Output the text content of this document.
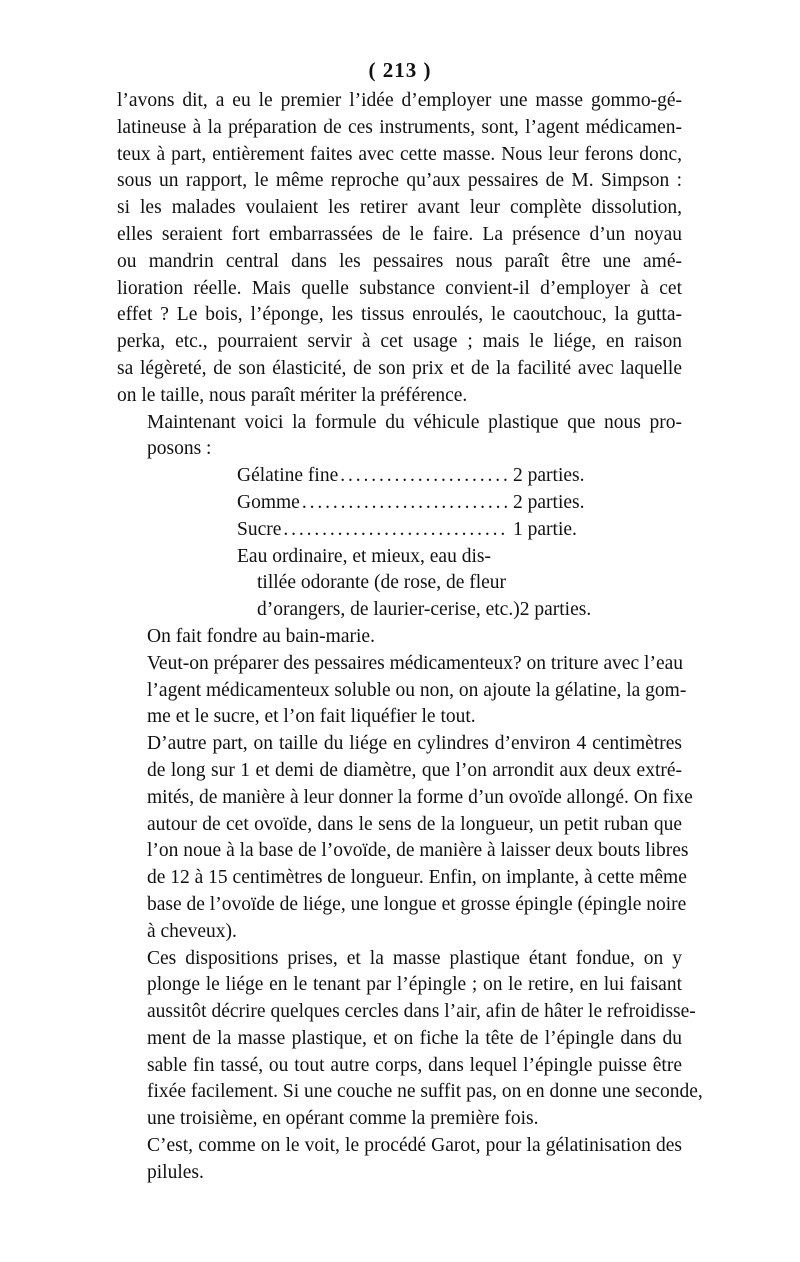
( 213 )

l’avons dit, a eu le premier l’idée d’employer une masse gommo-gé-
latineuse à la préparation de ces instruments, sont, l’agent médicamen-
teux à part, entièrement faites avec cette masse. Nous leur ferons donc,
sous un rapport, le même reproche qu’aux pessaires de M. Simpson :
si les malades voulaient les retirer avant leur complète dissolution,
elles seraient fort embarrassées de le faire. La présence d’un noyau
ou mandrin central dans les pessaires nous paraît être une amé-
lioration réelle. Mais quelle substance convient-il d’employer à cet
effet ? Le bois, l’éponge, les tissus enroulés, le caoutchouc, la gutta-
perka, etc., pourraient servir à cet usage ; mais le liége, en raison
sa légèreté, de son élasticité, de son prix et de la facilité avec laquelle
on le taille, nous paraît mériter la préférence.

Maintenant voici la formule du véhicule plastique que nous pro-
posons :

Gélatine fine . . .	2 parties.
Gomme . . .	2 parties.
Sucre . . .	1 partie.
Eau ordinaire, et mieux, eau dis-
tillée odorante (de rose, de fleur
d’orangers, de laurier-cerise, etc.) 2 parties.

On fait fondre au bain-marie.

Veut-on préparer des pessaires médicamenteux? on triture avec l’eau
l’agent médicamenteux soluble ou non, on ajoute la gélatine, la gom-
me et le sucre, et l’on fait liquéfier le tout.

D’autre part, on taille du liége en cylindres d’environ 4 centimètres
de long sur 1 et demi de diamètre, que l’on arrondit aux deux extré-
mités, de manière à leur donner la forme d’un ovoïde allongé. On fixe
autour de cet ovoïde, dans le sens de la longueur, un petit ruban que
l’on noue à la base de l’ovoïde, de manière à laisser deux bouts libres
de 12 à 15 centimètres de longueur. Enfin, on implante, à cette même
base de l’ovoïde de liége, une longue et grosse épingle (épingle noire
à cheveux).

Ces dispositions prises, et la masse plastique étant fondue, on y
plonge le liége en le tenant par l’épingle ; on le retire, en lui faisant
aussitôt décrire quelques cercles dans l’air, afin de hâter le refroidisse-
ment de la masse plastique, et on fiche la tête de l’épingle dans du
sable fin tassé, ou tout autre corps, dans lequel l’épingle puisse être
fixée facilement. Si une couche ne suffit pas, on en donne une seconde,
une troisième, en opérant comme la première fois.

C’est, comme on le voit, le procédé Garot, pour la gélatinisation des
pilules.
